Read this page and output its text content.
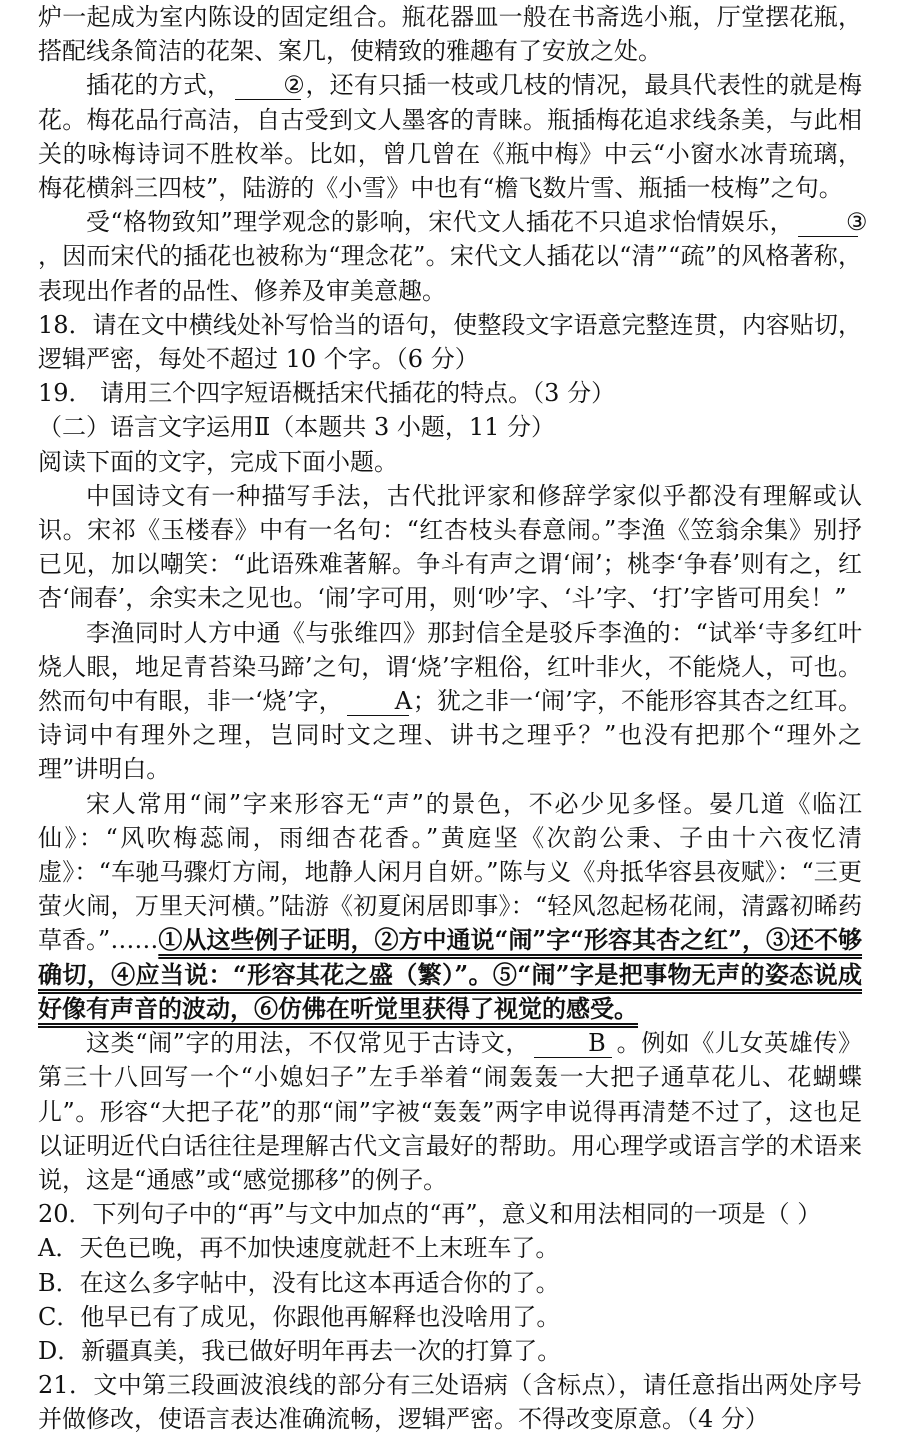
炉一起成为室内陈设的固定组合。瓶花器皿一般在书斋选小瓶，厅堂摆花瓶，

搭配线条简洁的花架、案几，使精致的雅趣有了安放之处。

插花的方式， ②，还有只插一枝或几枝的情况，最具代表性的就是梅花。梅花品行高洁，自古受到文人墨客的青睐。瓶插梅花追求线条美，与此相关的咏梅诗词不胜枚举。比如，曾几曾在《瓶中梅》中云“小窗水冰青琉璃，梅花横斜三四枝”，陆游的《小雪》中也有“檐飞数片雪、瓶插一枝梅”之句。

受“格物致知”理学观念的影响，宋代文人插花不只追求怡情娱乐， ③，因而宋代的插花也被称为“理念花”。宋代文人插花以“清”“疏”的风格著称，表现出作者的品性、修养及审美意趣。

18．请在文中横线处补写恰当的语句，使整段文字语意完整连贯，内容贴切，逻辑严密，每处不超过 10 个字。（6 分）

19． 请用三个四字短语概括宋代插花的特点。（3 分）

（二）语言文字运用Ⅱ（本题共 3 小题，11 分）

阅读下面的文字，完成下面小题。

中国诗文有一种描写手法，古代批评家和修辞学家似乎都没有理解或认识。宋祁《玉楼春》中有一名句：“红杏枝头春意闹。”李渔《笠翁余集》别抒已见，加以嘲笑：“此语殊难著解。争斗有声之谓‘闹’；桃李‘争春’则有之，红杏‘闹春’，余实未之见也。‘闹’字可用，则‘吵’字、‘斗’字、‘打’字皆可用矣！”

李渔同时人方中通《与张维四》那封信全是驳斥李渔的：“试举‘寺多红叶烧人眼，地足青苔染马蹄’之句，谓‘烧’字粗俗，红叶非火，不能烧人，可也。然而句中有眼，非一‘烧’字， A；犹之非一‘闹’字，不能形容其杏之红耳。诗词中有理外之理，岂同时文之理、讲书之理乎？”也没有把那个“理外之理”讲明白。

宋人常用“闹”字来形容无“声”的景色，不必少见多怪。晏几道《临江仙》：“风吹梅蕊闹，雨细杏花香。”黄庭坚《次韵公秉、子由十六夜忆清虚》：“车驰马骤灯方闹，地静人闲月自妍。”陈与义《舟抵华容县夜赋》：“三更萤火闹，万里天河横。”陆游《初夏闲居即事》：“轻风忽起杨花闹，清露初晞药草香。”……①从这些例子证明，②方中通说“闹”字“形容其杏之红”，③还不够确切，④应当说：“形容其花之盛（繁）”。⑤“闹”字是把事物无声的姿态说成好像有声音的波动，⑥仿佛在听觉里获得了视觉的感受。

这类“闹”字的用法，不仅常见于古诗文， B 。例如《儿女英雄传》第三十八回写一个“小媳妇子”左手举着“闹轰轰一大把子通草花儿、花蝴蝶儿”。形容“大把子花”的那“闹”字被“轰轰”两字申说得再清楚不过了，这也足以证明近代白话往往是理解古代文言最好的帮助。用心理学或语言学的术语来说，这是“通感”或“感觉挪移”的例子。

20．下列句子中的“再”与文中加点的“再”，意义和用法相同的一项是（ ）

A．天色已晚，再不加快速度就赶不上末班车了。

B．在这么多字帖中，没有比这本再适合你的了。

C．他早已有了成见，你跟他再解释也没啥用了。

D．新疆真美，我已做好明年再去一次的打算了。

21．文中第三段画波浪线的部分有三处语病（含标点），请任意指出两处序号并做修改，使语言表达准确流畅，逻辑严密。不得改变原意。（4 分）
